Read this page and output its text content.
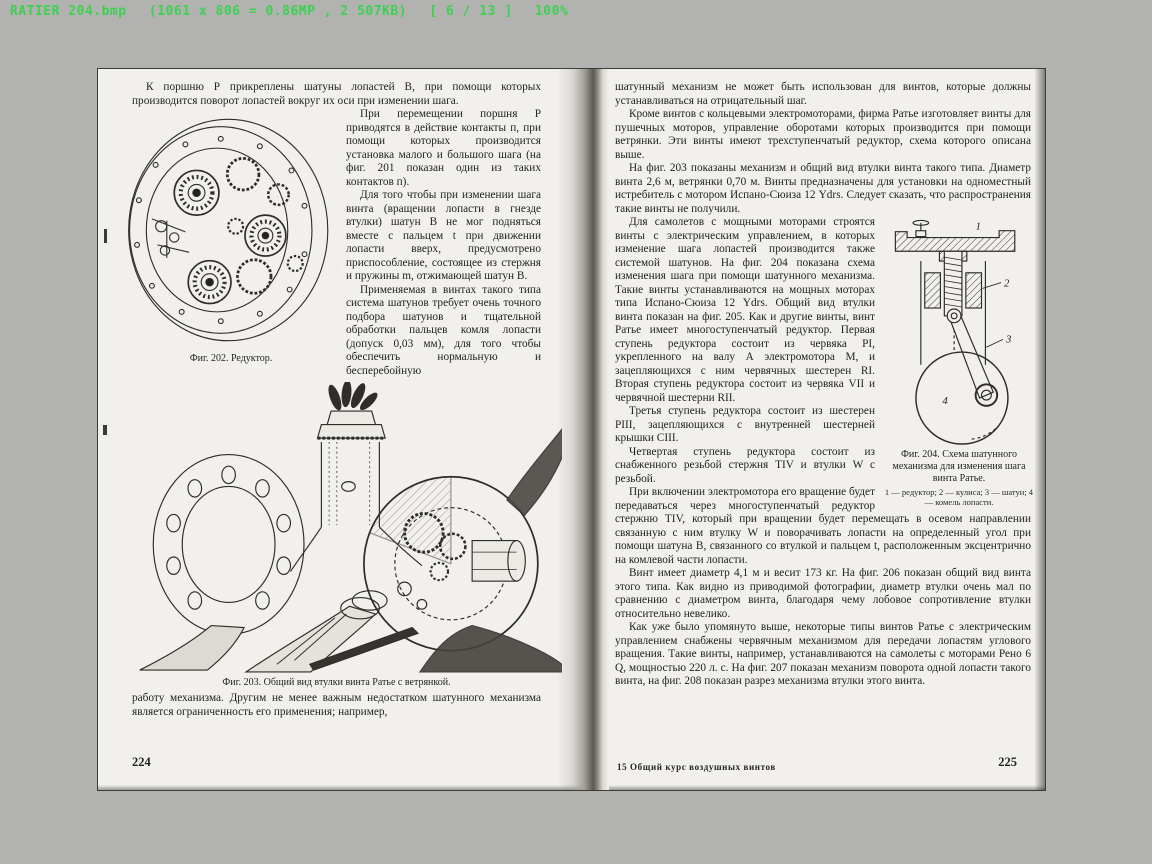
RATIER 204.bmp (1061 x 806 = 0.86MP , 2 507KB) [ 6 / 13 ] 100%

К поршню Р прикреплены шатуны лопастей В, при помощи которых производится поворот лопастей вокруг их оси при изменении шага.

Фиг. 202. Редуктор.

При перемещении поршня Р приводятся в действие контакты п, при помощи которых производится установка малого и большого шага (на фиг. 201 показан один из таких контактов п).

Для того чтобы при изменении шага винта (вращении лопасти в гнезде втулки) шатун В не мог подняться вместе с пальцем t при движении лопасти вверх, предусмотрено приспособление, состоящее из стержня и пружины m, отжимающей шатун В.

Применяемая в винтах такого типа система шатунов требует очень точного подбора шатунов и тщательной обработки пальцев комля лопасти (допуск 0,03 мм), для того чтобы обеспечить нормальную и бесперебойную

Фиг. 203. Общий вид втулки винта Ратье с ветрянкой.

работу механизма. Другим не менее важным недостатком шатунного механизма является ограниченность его применения; например,

224

шатунный механизм не может быть использован для винтов, которые должны устанавливаться на отрицательный шаг.

Кроме винтов с кольцевыми электромоторами, фирма Ратье изготовляет винты для пушечных моторов, управление оборотами которых производится при помощи ветрянки. Эти винты имеют трехступенчатый редуктор, схема которого описана выше.

На фиг. 203 показаны механизм и общий вид втулки винта такого типа. Диаметр винта 2,6 м, ветрянки 0,70 м. Винты предназначены для установки на одноместный истребитель с мотором Испано-Сюиза 12 Ydrs. Следует сказать, что распространения такие винты не получили.

1
2
3
4
Фиг. 204. Схема шатунного механизма для изменения шага винта Ратье.
1 — редуктор; 2 — кулиса; 3 — шатун; 4 — комель лопасти.

Для самолетов с мощными моторами строятся винты с электрическим управлением, в которых изменение шага лопастей производится также системой шатунов. На фиг. 204 показана схема изменения шага при помощи шатунного механизма. Такие винты устанавливаются на мощных моторах типа Испано-Сюиза 12 Ydrs. Общий вид втулки винта показан на фиг. 205. Как и другие винты, винт Ратье имеет многоступенчатый редуктор. Первая ступень редуктора состоит из червяка РI, укрепленного на валу А электромотора М, и зацепляющихся с ним червячных шестерен RI. Вторая ступень редуктора состоит из червяка VII и червячной шестерни RII.

Третья ступень редуктора состоит из шестерен РIII, зацепляющихся с внутренней шестерней крышки СIII.

Четвертая ступень редуктора состоит из снабженного резьбой стержня ТIV и втулки W с резьбой.

При включении электромотора его вращение будет передаваться через многоступенчатый редуктор стержню ТIV, который при вращении будет перемещать в осевом направлении связанную с ним втулку W и поворачивать лопасти на определенный угол при помощи шатуна В, связанного со втулкой и пальцем t, расположенным эксцентрично на комлевой части лопасти.

Винт имеет диаметр 4,1 м и весит 173 кг. На фиг. 206 показан общий вид винта этого типа. Как видно из приводимой фотографии, диаметр втулки очень мал по сравнению с диаметром винта, благодаря чему лобовое сопротивление втулки относительно невелико.

Как уже было упомянуто выше, некоторые типы винтов Ратье с электрическим управлением снабжены червячным механизмом для передачи лопастям углового вращения. Такие винты, например, устанавливаются на самолеты с моторами Рено 6 Q, мощностью 220 л. с. На фиг. 207 показан механизм поворота одной лопасти такого винта, на фиг. 208 показан разрез механизма втулки этого винта.

15 Общий курс воздушных винтов	225
